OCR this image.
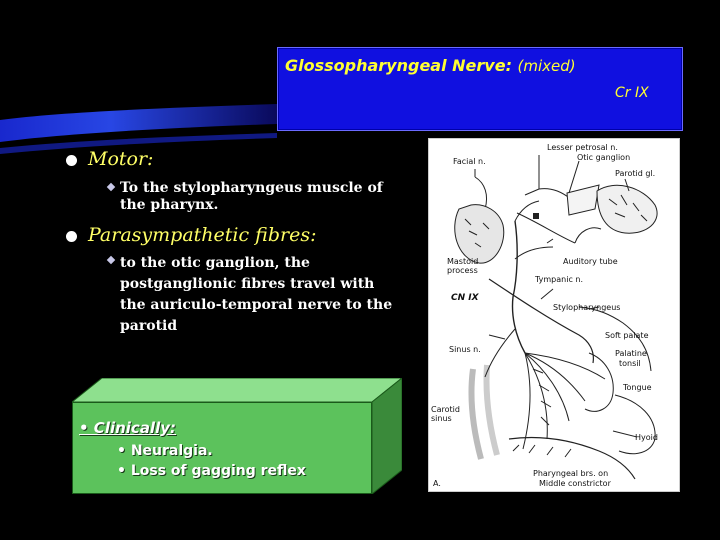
Glossopharyngeal Nerve: (mixed)
Cr IX
Motor:
To the stylopharyngeus muscle of the pharynx.
Parasympathetic fibres:
to the otic ganglion, the postganglionic fibres travel with the auriculo-temporal nerve to the parotid
• Clinically:
• Neuralgia.
• Loss of gagging reflex
Facial n.
Lesser petrosal n.
Otic ganglion
Parotid gl.
Mastoid
process
Auditory tube
Tympanic n.
CN IX
Stylopharyngeus
Soft palate
Sinus n.	Palatine
tonsil
Tongue
Carotid
sinus
Hyoid
Pharyngeal brs. on
Middle constrictor
A.
